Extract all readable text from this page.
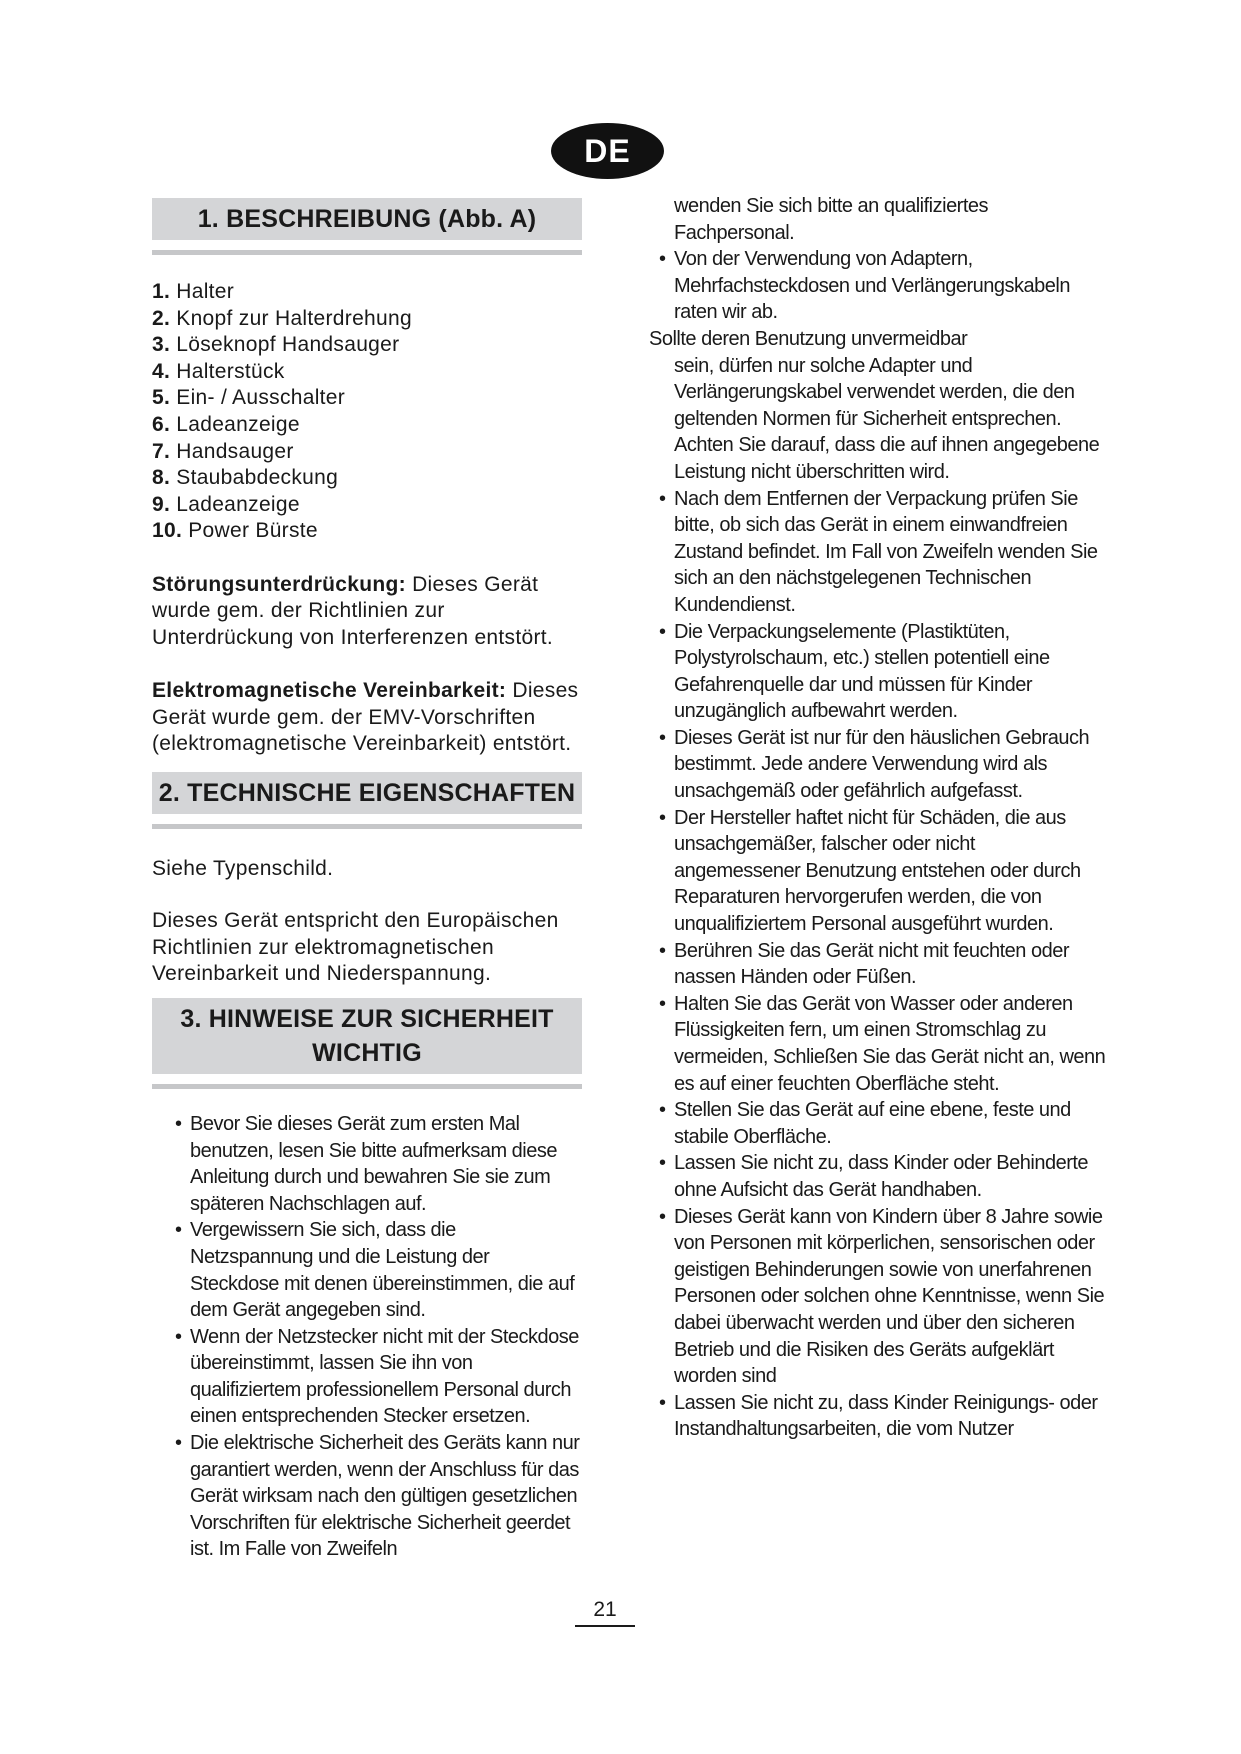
DE
1. BESCHREIBUNG (Abb. A)
1. Halter
2. Knopf zur Halterdrehung
3. Löseknopf Handsauger
4. Halterstück
5. Ein- / Ausschalter
6. Ladeanzeige
7. Handsauger
8. Staubabdeckung
9. Ladeanzeige
10. Power Bürste

Störungsunterdrückung: Dieses Gerät wurde gem. der Richtlinien zur Unterdrückung von Interferenzen entstört.

Elektromagnetische Vereinbarkeit: Dieses Gerät wurde gem. der EMV-Vorschriften (elektromagnetische Vereinbarkeit) entstört.

2. TECHNISCHE EIGENSCHAFTEN

Siehe Typenschild.

Dieses Gerät entspricht den Europäischen Richtlinien zur elektromagnetischen Vereinbarkeit und Niederspannung.

3. HINWEISE ZUR SICHERHEIT
WICHTIG
• Bevor Sie dieses Gerät zum ersten Mal benutzen, lesen Sie bitte aufmerksam diese Anleitung durch und bewahren Sie sie zum späteren Nachschlagen auf.
• Vergewissern Sie sich, dass die Netzspannung und die Leistung der Steckdose mit denen übereinstimmen, die auf dem Gerät angegeben sind.
• Wenn der Netzstecker nicht mit der Steckdose übereinstimmt, lassen Sie ihn von qualifiziertem professionellem Personal durch einen entsprechenden Stecker ersetzen.
• Die elektrische Sicherheit des Geräts kann nur garantiert werden, wenn der Anschluss für das Gerät wirksam nach den gültigen gesetzlichen Vorschriften für elektrische Sicherheit geerdet ist. Im Falle von Zweifeln
wenden Sie sich bitte an qualifiziertes Fachpersonal.
• Von der Verwendung von Adaptern, Mehrfachsteckdosen und Verlängerungskabeln raten wir ab.
Sollte deren Benutzung unvermeidbar
sein, dürfen nur solche Adapter und Verlängerungskabel verwendet werden, die den geltenden Normen für Sicherheit entsprechen. Achten Sie darauf, dass die auf ihnen angegebene Leistung nicht überschritten wird.
• Nach dem Entfernen der Verpackung prüfen Sie bitte, ob sich das Gerät in einem einwandfreien Zustand befindet. Im Fall von Zweifeln wenden Sie sich an den nächstgelegenen Technischen Kundendienst.
• Die Verpackungselemente (Plastiktüten, Polystyrolschaum, etc.) stellen potentiell eine Gefahrenquelle dar und müssen für Kinder unzugänglich aufbewahrt werden.
• Dieses Gerät ist nur für den häuslichen Gebrauch bestimmt. Jede andere Verwendung wird als unsachgemäß oder gefährlich aufgefasst.
• Der Hersteller haftet nicht für Schäden, die aus unsachgemäßer, falscher oder nicht angemessener Benutzung entstehen oder durch Reparaturen hervorgerufen werden, die von unqualifiziertem Personal ausgeführt wurden.
• Berühren Sie das Gerät nicht mit feuchten oder nassen Händen oder Füßen.
• Halten Sie das Gerät von Wasser oder anderen Flüssigkeiten fern, um einen Stromschlag zu vermeiden, Schließen Sie das Gerät nicht an, wenn es auf einer feuchten Oberfläche steht.
• Stellen Sie das Gerät auf eine ebene, feste und stabile Oberfläche.
• Lassen Sie nicht zu, dass Kinder oder Behinderte ohne Aufsicht das Gerät handhaben.
• Dieses Gerät kann von Kindern über 8 Jahre sowie von Personen mit körperlichen, sensorischen oder geistigen Behinderungen sowie von unerfahrenen Personen oder solchen ohne Kenntnisse, wenn Sie dabei überwacht werden und über den sicheren Betrieb und die Risiken des Geräts aufgeklärt worden sind
• Lassen Sie nicht zu, dass Kinder Reinigungs- oder Instandhaltungsarbeiten, die vom Nutzer
21
